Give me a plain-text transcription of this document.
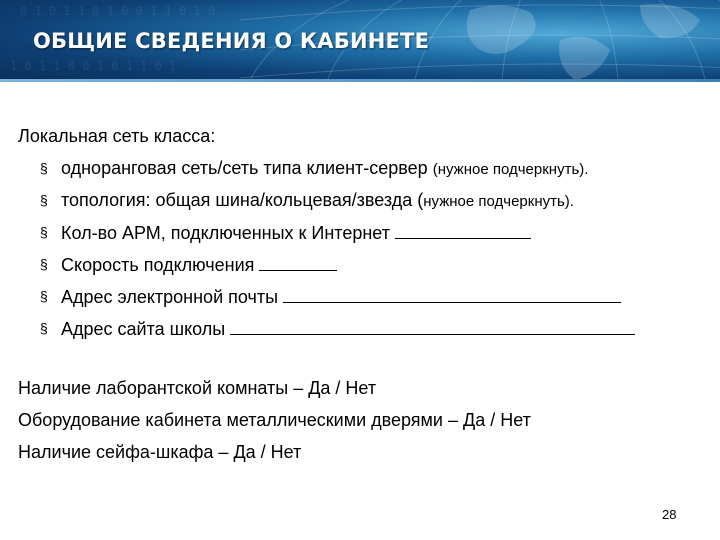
0 1 0 1 1 0 1 0 0 1 1 0 1 0
1 0 1 1 0 0 1 0 1 1 0 1
ОБЩИЕ СВЕДЕНИЯ О КАБИНЕТЕ
Локальная сеть класса:
§ одноранговая сеть/сеть типа клиент-сервер (нужное подчеркнуть).
§ топология: общая шина/кольцевая/звезда (нужное подчеркнуть).
§ Кол-во АРМ, подключенных к Интернет
§ Скорость подключения
§ Адрес электронной почты
§ Адрес сайта школы
Наличие лаборантской комнаты – Да / Нет
Оборудование кабинета металлическими дверями – Да / Нет
Наличие сейфа-шкафа – Да / Нет
28
